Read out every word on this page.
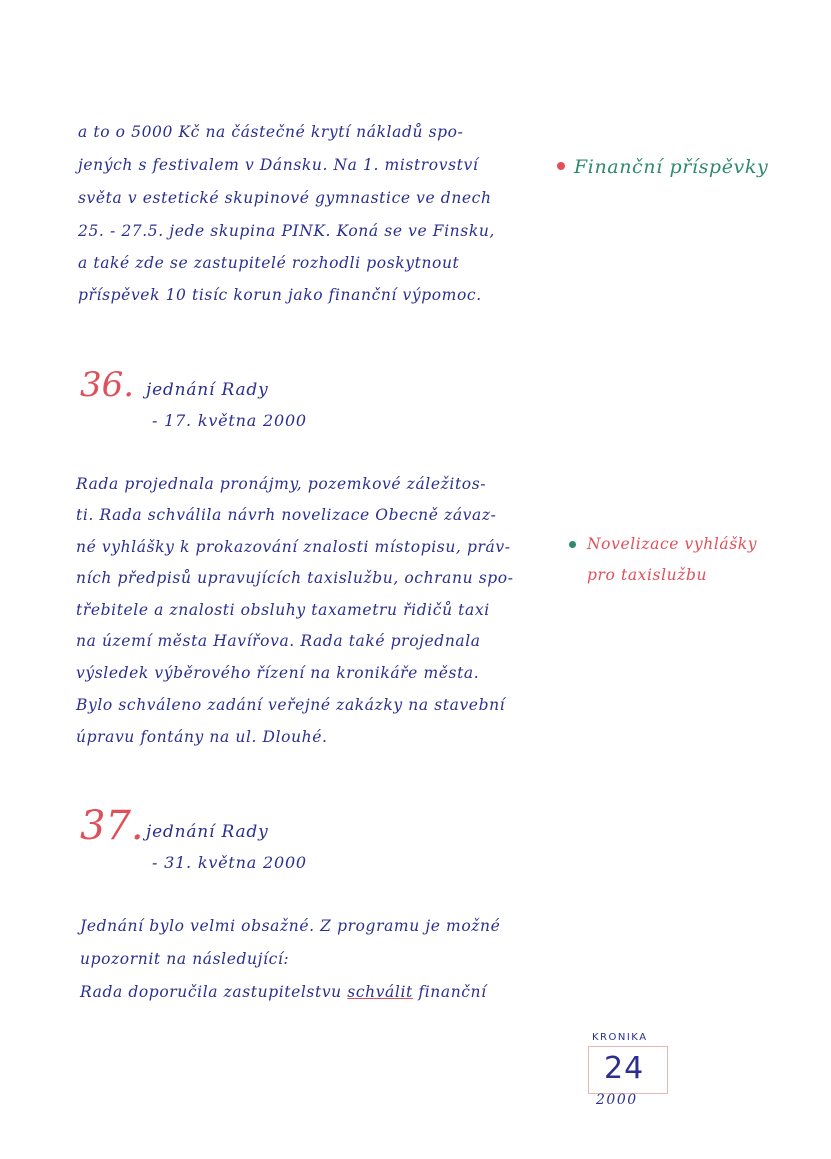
a to o 5000 Kč na částečné krytí nákladů spo-
jených s festivalem v Dánsku. Na 1. mistrovství
světa v estetické skupinové gymnastice ve dnech
25. - 27.5. jede skupina PINK. Koná se ve Finsku,
a také zde se zastupitelé rozhodli poskytnout
příspěvek 10 tisíc korun jako finanční výpomoc.
Finanční příspěvky
36. jednání Rady
- 17. května 2000
Rada projednala pronájmy, pozemkové záležitos-
ti. Rada schválila návrh novelizace Obecně závaz-
né vyhlášky k prokazování znalosti místopisu, práv-
ních předpisů upravujících taxislužbu, ochranu spo-
třebitele a znalosti obsluhy taxametru řidičů taxi
na území města Havířova. Rada také projednala
výsledek výběrového řízení na kronikáře města.
Bylo schváleno zadání veřejné zakázky na stavební
úpravu fontány na ul. Dlouhé.
Novelizace vyhlášky
pro taxislužbu
37. jednání Rady
- 31. května 2000
Jednání bylo velmi obsažné. Z programu je možné
upozornit na následující:
Rada doporučila zastupitelstvu schválit finanční
KRONIKA
24
2000
